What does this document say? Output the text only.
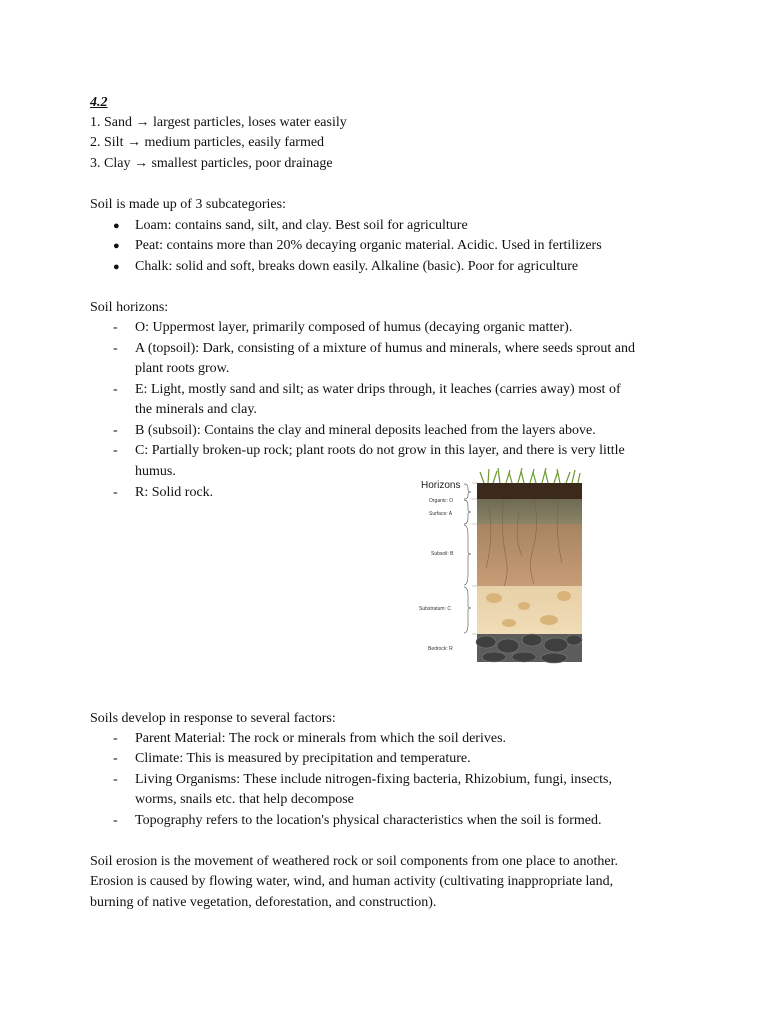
4.2
1. Sand → largest particles, loses water easily
2. Silt → medium particles, easily farmed
3. Clay → smallest particles, poor drainage
Soil is made up of 3 subcategories:
● Loam: contains sand, silt, and clay. Best soil for agriculture
● Peat: contains more than 20% decaying organic material. Acidic. Used in fertilizers
● Chalk: solid and soft, breaks down easily. Alkaline (basic). Poor for agriculture
Soil horizons:
- O: Uppermost layer, primarily composed of humus (decaying organic matter).
- A (topsoil): Dark, consisting of a mixture of humus and minerals, where seeds sprout and
plant roots grow.
- E: Light, mostly sand and silt; as water drips through, it leaches (carries away) most of
the minerals and clay.
- B (subsoil): Contains the clay and mineral deposits leached from the layers above.
- C: Partially broken-up rock; plant roots do not grow in this layer, and there is very little
humus.
- R: Solid rock.	Horizons
Organic: O
Surface: A
Subsoil: B
Substratum: C
Bedrock: R
Soils develop in response to several factors:
- Parent Material: The rock or minerals from which the soil derives.
- Climate: This is measured by precipitation and temperature.
- Living Organisms: These include nitrogen-fixing bacteria, Rhizobium, fungi, insects,
worms, snails etc. that help decompose
- Topography refers to the location's physical characteristics when the soil is formed.
Soil erosion is the movement of weathered rock or soil components from one place to another.
Erosion is caused by flowing water, wind, and human activity (cultivating inappropriate land,
burning of native vegetation, deforestation, and construction).
